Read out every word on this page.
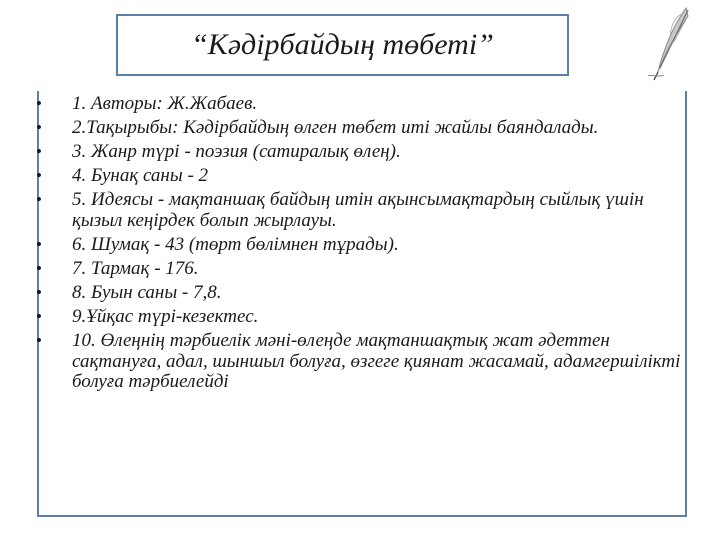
“Кәдірбайдың төбеті”
• 1. Авторы: Ж.Жабаев.
• 2.Тақырыбы: Кәдірбайдың өлген төбет иті жайлы баяндалады.
• 3. Жанр түрі - поэзия (сатиралық өлең).
• 4. Бунақ саны - 2
• 5. Идеясы - мақтаншақ байдың итін ақынсымақтардың сыйлық үшін қызыл кеңірдек болып жырлауы.
• 6. Шумақ - 43 (төрт бөлімнен тұрады).
• 7. Тармақ - 176.
• 8. Буын саны - 7,8.
• 9.Ұйқас түрі-кезектес.
• 10. Өлеңнің тәрбиелік мәні-өлеңде мақтаншақтық жат әдеттен сақтануға, адал, шыншыл болуға, өзгеге қиянат жасамай, адамгершілікті болуға тәрбиелейді
